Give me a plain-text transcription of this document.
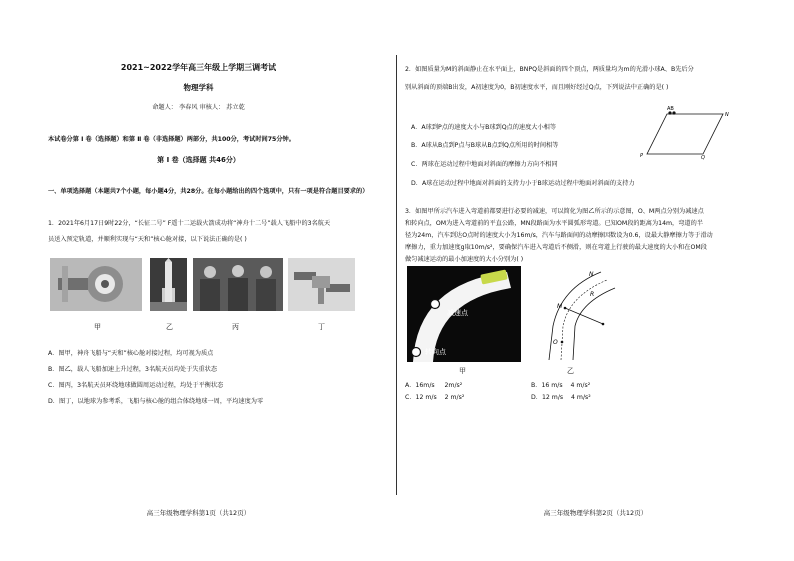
2021~2022学年高三年级上学期三调考试
物理学科
命题人： 李春风 审核人： 苏立乾
本试卷分第 Ⅰ 卷（选择题）和第 Ⅱ 卷（非选择题）两部分，共100分，考试时间75分钟。
第 Ⅰ 卷（选择题 共46分）
一、单项选择题（本题共7个小题，每小题4分，共28分。在每小题给出的四个选项中，只有一项是符合题目要求的）
1．2021年6月17日9时22分，“长征二号” F遥十二运载火箭成功将“神舟十二号”载人飞船中的3名航天
员送入预定轨道，并顺利实现与“天和”核心舱对接，以下说法正确的是( )
甲	乙	丙	丁
A．图甲，神舟飞船与“天和”核心舱对接过程，均可视为质点
B．图乙，载人飞船加速上升过程，3名航天员均处于失重状态
C．图丙，3名航天员环绕地球做圆周运动过程，均处于平衡状态
D．图丁，以地球为参考系，飞船与核心舱的组合体绕地球一周，平均速度为零
高三年级物理学科第1页（共12页）
2．如图质量为M的斜面静止在水平面上，BNPQ是斜面的四个顶点，两质量均为m的光滑小球A、B先后分
别从斜面的顶端B出发，A初速度为0，B初速度水平，而且刚好经过Q点，下列说法中正确的是( )
AB
N
P	Q
A．A球到P点的速度大小与B球到Q点的速度大小相等
B．A球从B点到P点与B球从B点到Q点所用的时间相等
C．两球在运动过程中地面对斜面的摩擦力方向不相同
D．A球在运动过程中地面对斜面的支持力小于B球运动过程中地面对斜面的支持力
3．如图甲所示汽车进入弯道前都要进行必要的减速，可以简化为图乙所示的示意图，O、M两点分别为减速点
和转向点，OM为进入弯道前的平直公路，MN段路面为水平圆弧形弯道。已知OM段的距离为14m，弯道的半
径为24m，汽车到达O点时的速度大小为16m/s，汽车与路面间的动摩擦因数设为0.6，设最大静摩擦力等于滑动
摩擦力，重力加速度g取10m/s²，要确保汽车进入弯道后不侧滑，则在弯道上行驶的最大速度的大小和在OM段
做匀减速运动的最小加速度的大小分别为( )
减速点
转向点
甲
N
R
M
O
乙
A．16m/s 2m/s²	B．16 m/s 4 m/s²
C．12 m/s 2 m/s²	D．12 m/s 4 m/s²
高三年级物理学科第2页（共12页）
